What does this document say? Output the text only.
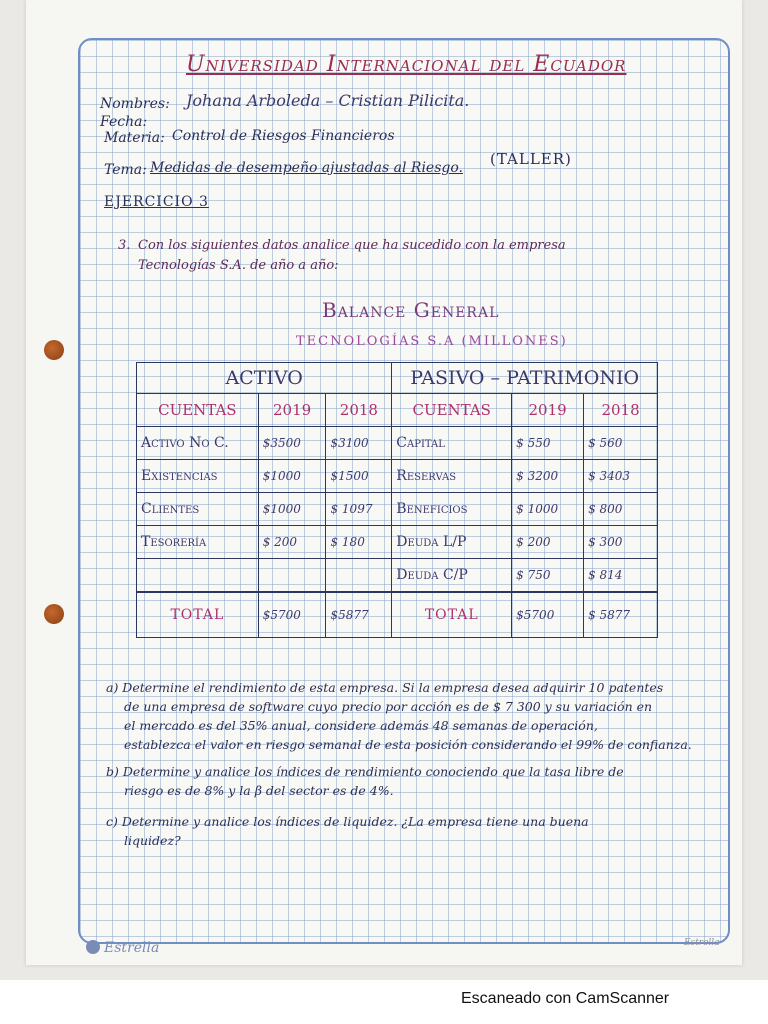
Universidad Internacional del Ecuador
Nombres: Johana Arboleda – Cristian Pilicita.
Fecha:
Materia: Control de Riesgos Financieros
Tema: Medidas de desempeño ajustadas al Riesgo. (TALLER)
EJERCICIO 3
3. Con los siguientes datos analice que ha sucedido con la empresa
Tecnologías S.A. de año a año:
Balance General
TECNOLOGÍAS S.A (MILLONES)
ACTIVO			PASIVO – PATRIMONIO		
CUENTAS	2019	2018	CUENTAS	2019	2018
Activo No C.	$3500	$3100	Capital	$ 550	$ 560
Existencias	$1000	$1500	Reservas	$ 3200	$ 3403
Clientes	$1000	$ 1097	Beneficios	$ 1000	$ 800
Tesorería	$ 200	$ 180	Deuda L/P	$ 200	$ 300
			Deuda C/P	$ 750	$ 814
TOTAL	$5700	$5877	TOTAL	$5700	$ 5877
a) Determine el rendimiento de esta empresa. Si la empresa desea adquirir 10 patentes
de una empresa de software cuyo precio por acción es de $ 7 300 y su variación en
el mercado es del 35% anual, considere además 48 semanas de operación,
establezca el valor en riesgo semanal de esta posición considerando el 99% de confianza.
b) Determine y analice los índices de rendimiento conociendo que la tasa libre de
riesgo es de 8% y la β del sector es de 4%.
c) Determine y analice los índices de liquidez. ¿La empresa tiene una buena
liquidez?
Estrella	Estrella
Escaneado con CamScanner
